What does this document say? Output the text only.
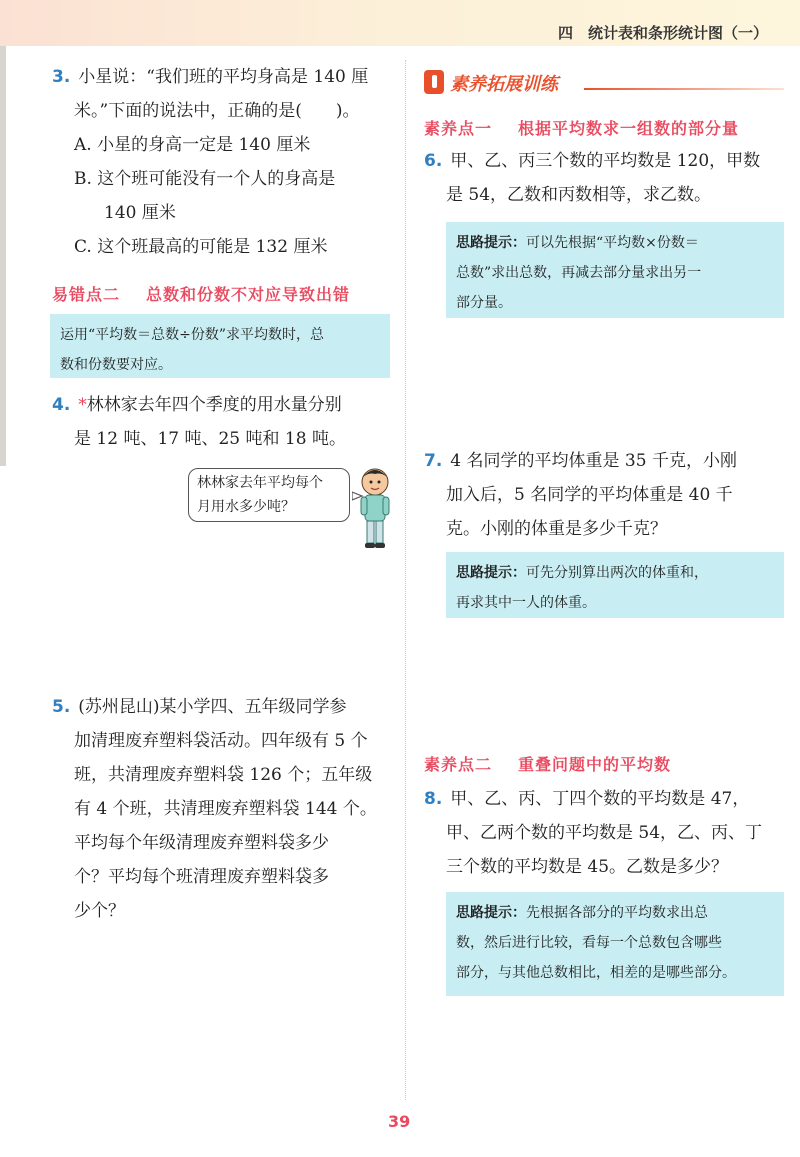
四　统计表和条形统计图（一）
3. 小星说：“我们班的平均身高是 140 厘
米。”下面的说法中，正确的是(　　)。
A. 小星的身高一定是 140 厘米
B. 这个班可能没有一个人的身高是
140 厘米
C. 这个班最高的可能是 132 厘米
易错点二 总数和份数不对应导致出错
运用“平均数＝总数÷份数”求平均数时，总
数和份数要对应。
4. *林林家去年四个季度的用水量分别
是 12 吨、17 吨、25 吨和 18 吨。
林林家去年平均每个
月用水多少吨？
5. (苏州昆山)某小学四、五年级同学参
加清理废弃塑料袋活动。四年级有 5 个
班，共清理废弃塑料袋 126 个；五年级
有 4 个班，共清理废弃塑料袋 144 个。
平均每个年级清理废弃塑料袋多少
个？平均每个班清理废弃塑料袋多
少个？
素养拓展训练
素养点一 根据平均数求一组数的部分量
6. 甲、乙、丙三个数的平均数是 120，甲数
是 54，乙数和丙数相等，求乙数。
思路提示：可以先根据“平均数×份数＝
总数”求出总数，再减去部分量求出另一
部分量。
7. 4 名同学的平均体重是 35 千克，小刚
加入后，5 名同学的平均体重是 40 千
克。小刚的体重是多少千克？
思路提示：可先分别算出两次的体重和，
再求其中一人的体重。
素养点二 重叠问题中的平均数
8. 甲、乙、丙、丁四个数的平均数是 47，
甲、乙两个数的平均数是 54，乙、丙、丁
三个数的平均数是 45。乙数是多少？
思路提示：先根据各部分的平均数求出总
数，然后进行比较，看每一个总数包含哪些
部分，与其他总数相比，相差的是哪些部分。
39
